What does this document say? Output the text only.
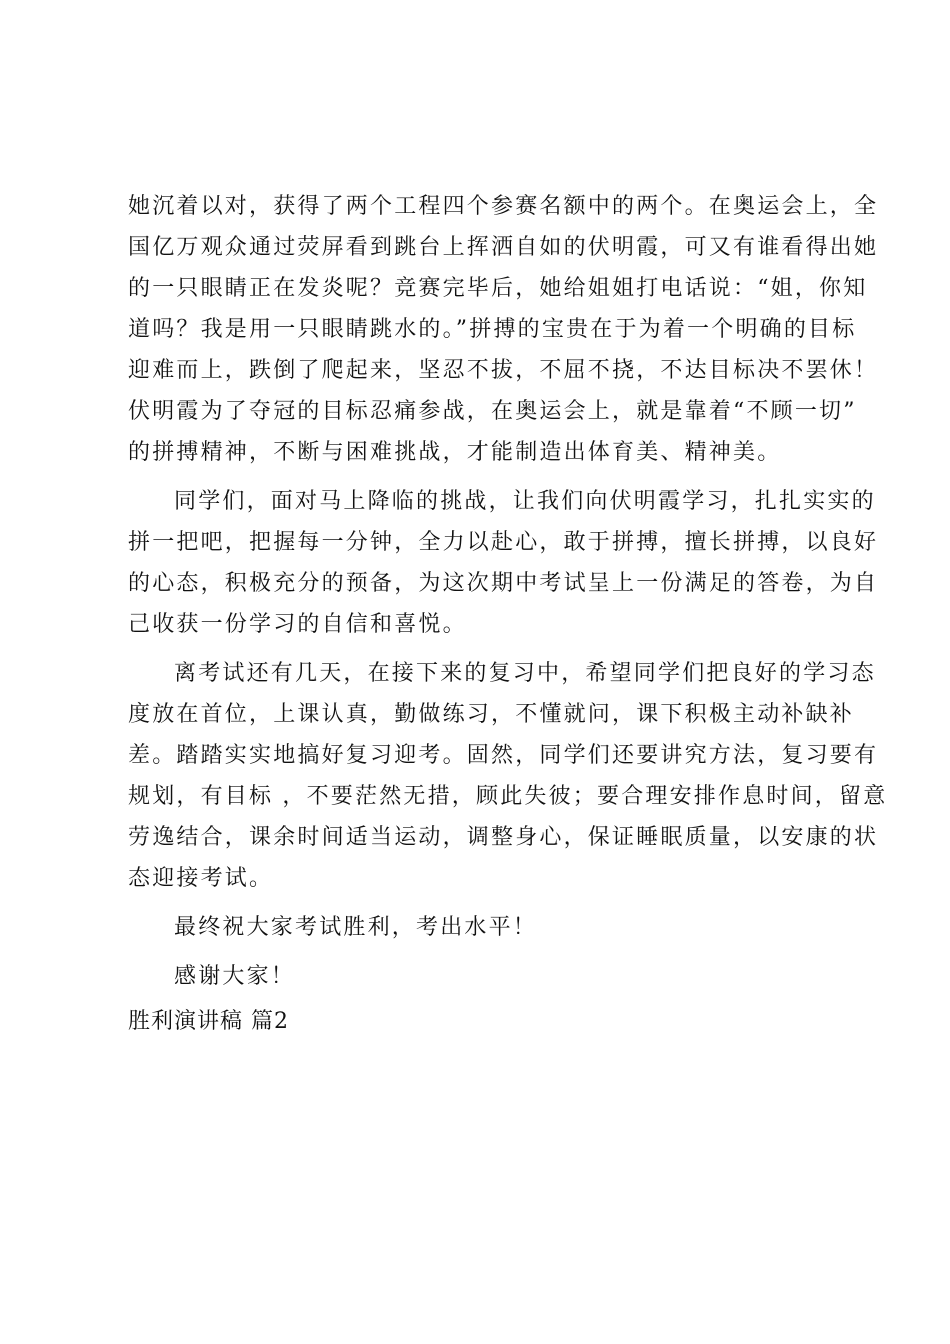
她沉着以对，获得了两个工程四个参赛名额中的两个。在奥运会上，全
国亿万观众通过荧屏看到跳台上挥洒自如的伏明霞，可又有谁看得出她
的一只眼睛正在发炎呢？竞赛完毕后，她给姐姐打电话说：“姐，你知
道吗？我是用一只眼睛跳水的。”拼搏的宝贵在于为着一个明确的目标
迎难而上，跌倒了爬起来，坚忍不拔，不屈不挠，不达目标决不罢休！
伏明霞为了夺冠的目标忍痛参战，在奥运会上，就是靠着“不顾一切”
的拼搏精神，不断与困难挑战，才能制造出体育美、精神美。
同学们，面对马上降临的挑战，让我们向伏明霞学习，扎扎实实的
拼一把吧，把握每一分钟，全力以赴心，敢于拼搏，擅长拼搏，以良好
的心态，积极充分的预备，为这次期中考试呈上一份满足的答卷，为自
己收获一份学习的自信和喜悦。
离考试还有几天，在接下来的复习中，希望同学们把良好的学习态
度放在首位，上课认真，勤做练习，不懂就问，课下积极主动补缺补
差。踏踏实实地搞好复习迎考。固然，同学们还要讲究方法，复习要有
规划，有目标 ，不要茫然无措，顾此失彼；要合理安排作息时间，留意
劳逸结合，课余时间适当运动，调整身心，保证睡眠质量，以安康的状
态迎接考试。
最终祝大家考试胜利，考出水平！
感谢大家！
胜利演讲稿 篇2
